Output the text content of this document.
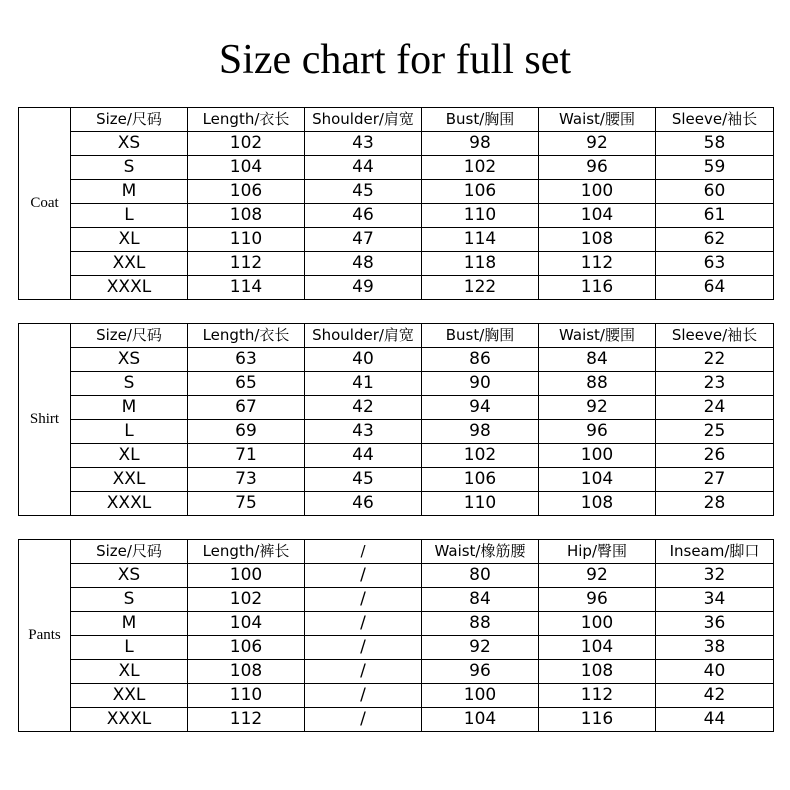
Size chart for full set
Coat	Size/尺码	Length/衣长	Shoulder/肩宽	Bust/胸围	Waist/腰围	Sleeve/袖长
	XS	102	43	98	92	58
	S	104	44	102	96	59
	M	106	45	106	100	60
	L	108	46	110	104	61
	XL	110	47	114	108	62
	XXL	112	48	118	112	63
	XXXL	114	49	122	116	64
Shirt	Size/尺码	Length/衣长	Shoulder/肩宽	Bust/胸围	Waist/腰围	Sleeve/袖长
	XS	63	40	86	84	22
	S	65	41	90	88	23
	M	67	42	94	92	24
	L	69	43	98	96	25
	XL	71	44	102	100	26
	XXL	73	45	106	104	27
	XXXL	75	46	110	108	28
Pants	Size/尺码	Length/裤长	/	Waist/橡筋腰	Hip/臀围	Inseam/脚口
	XS	100	/	80	92	32
	S	102	/	84	96	34
	M	104	/	88	100	36
	L	106	/	92	104	38
	XL	108	/	96	108	40
	XXL	110	/	100	112	42
	XXXL	112	/	104	116	44
